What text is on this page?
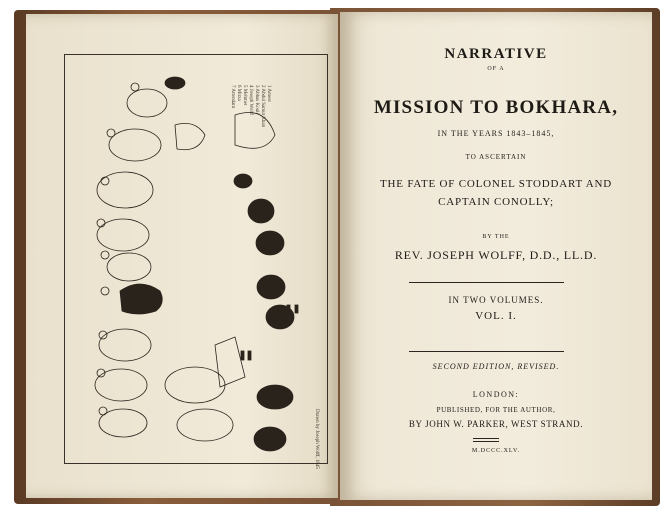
1 Ameer
2 Abdul Samut Khan
3 Abbas Kouli
4 Joseph Wolff
5 Mehmet
6 Mirza
7 Attendant
Drawn by Joseph Wolff, 1845
NARRATIVE
OF A
MISSION TO BOKHARA,
IN THE YEARS 1843–1845,
TO ASCERTAIN
THE FATE OF COLONEL STODDART AND
CAPTAIN CONOLLY;
BY THE
REV. JOSEPH WOLFF, D.D., LL.D.
IN TWO VOLUMES.
VOL. I.
SECOND EDITION, REVISED.
LONDON:
PUBLISHED, FOR THE AUTHOR,
BY JOHN W. PARKER, WEST STRAND.
M.DCCC.XLV.
